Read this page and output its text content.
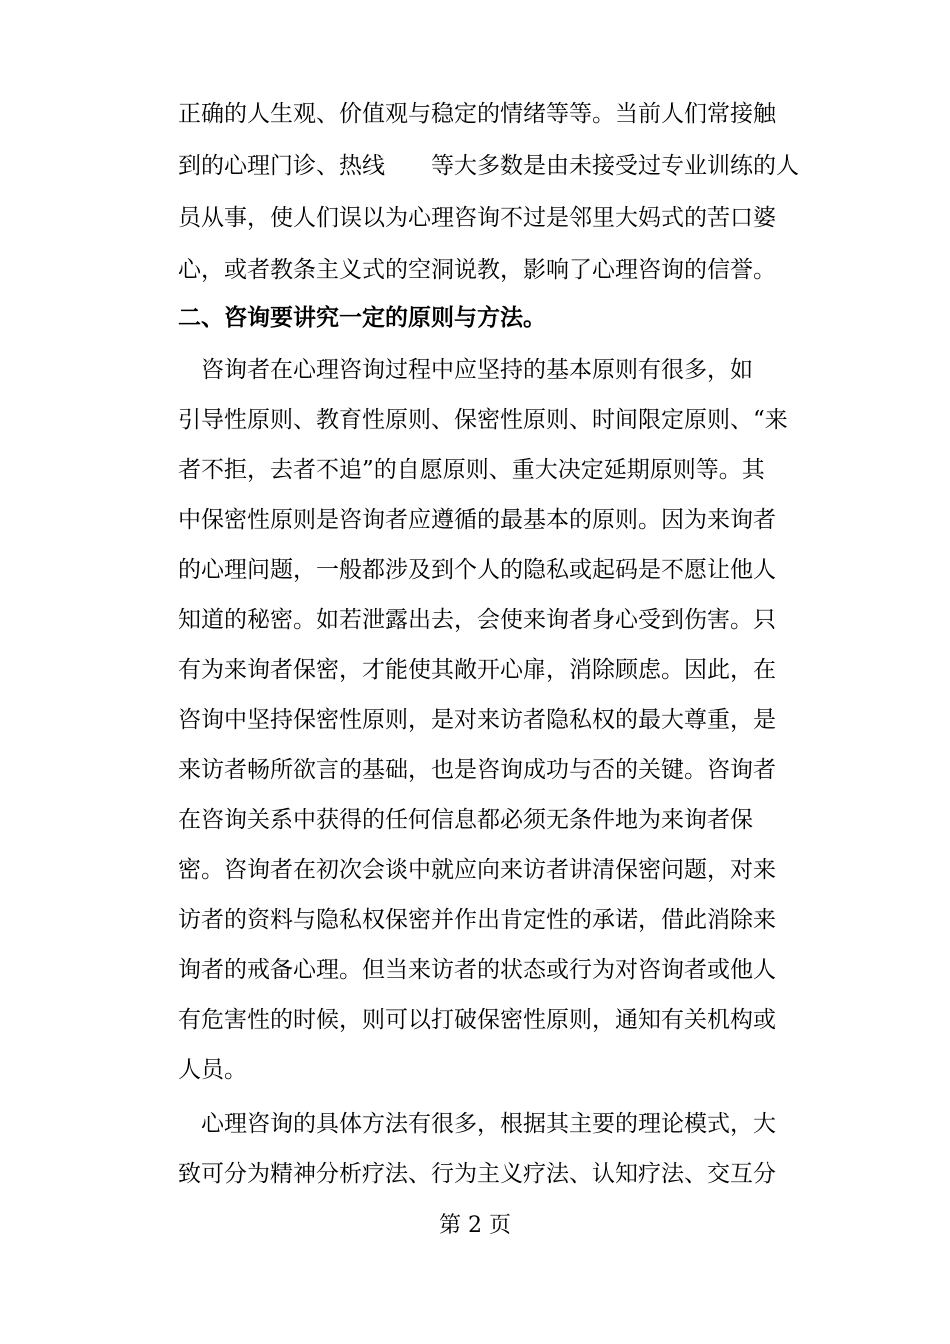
正确的人生观、价值观与稳定的情绪等等。当前人们常接触
到的心理门诊、热线　　等大多数是由未接受过专业训练的人
员从事，使人们误以为心理咨询不过是邻里大妈式的苦口婆
心，或者教条主义式的空洞说教，影响了心理咨询的信誉。
二、咨询要讲究一定的原则与方法。
　咨询者在心理咨询过程中应坚持的基本原则有很多，如
引导性原则、教育性原则、保密性原则、时间限定原则、“来
者不拒，去者不追”的自愿原则、重大决定延期原则等。其
中保密性原则是咨询者应遵循的最基本的原则。因为来询者
的心理问题，一般都涉及到个人的隐私或起码是不愿让他人
知道的秘密。如若泄露出去，会使来询者身心受到伤害。只
有为来询者保密，才能使其敞开心扉，消除顾虑。因此，在
咨询中坚持保密性原则，是对来访者隐私权的最大尊重，是
来访者畅所欲言的基础，也是咨询成功与否的关键。咨询者
在咨询关系中获得的任何信息都必须无条件地为来询者保
密。咨询者在初次会谈中就应向来访者讲清保密问题，对来
访者的资料与隐私权保密并作出肯定性的承诺，借此消除来
询者的戒备心理。但当来访者的状态或行为对咨询者或他人
有危害性的时候，则可以打破保密性原则，通知有关机构或
人员。
　心理咨询的具体方法有很多，根据其主要的理论模式，大
致可分为精神分析疗法、行为主义疗法、认知疗法、交互分
第 2 页
